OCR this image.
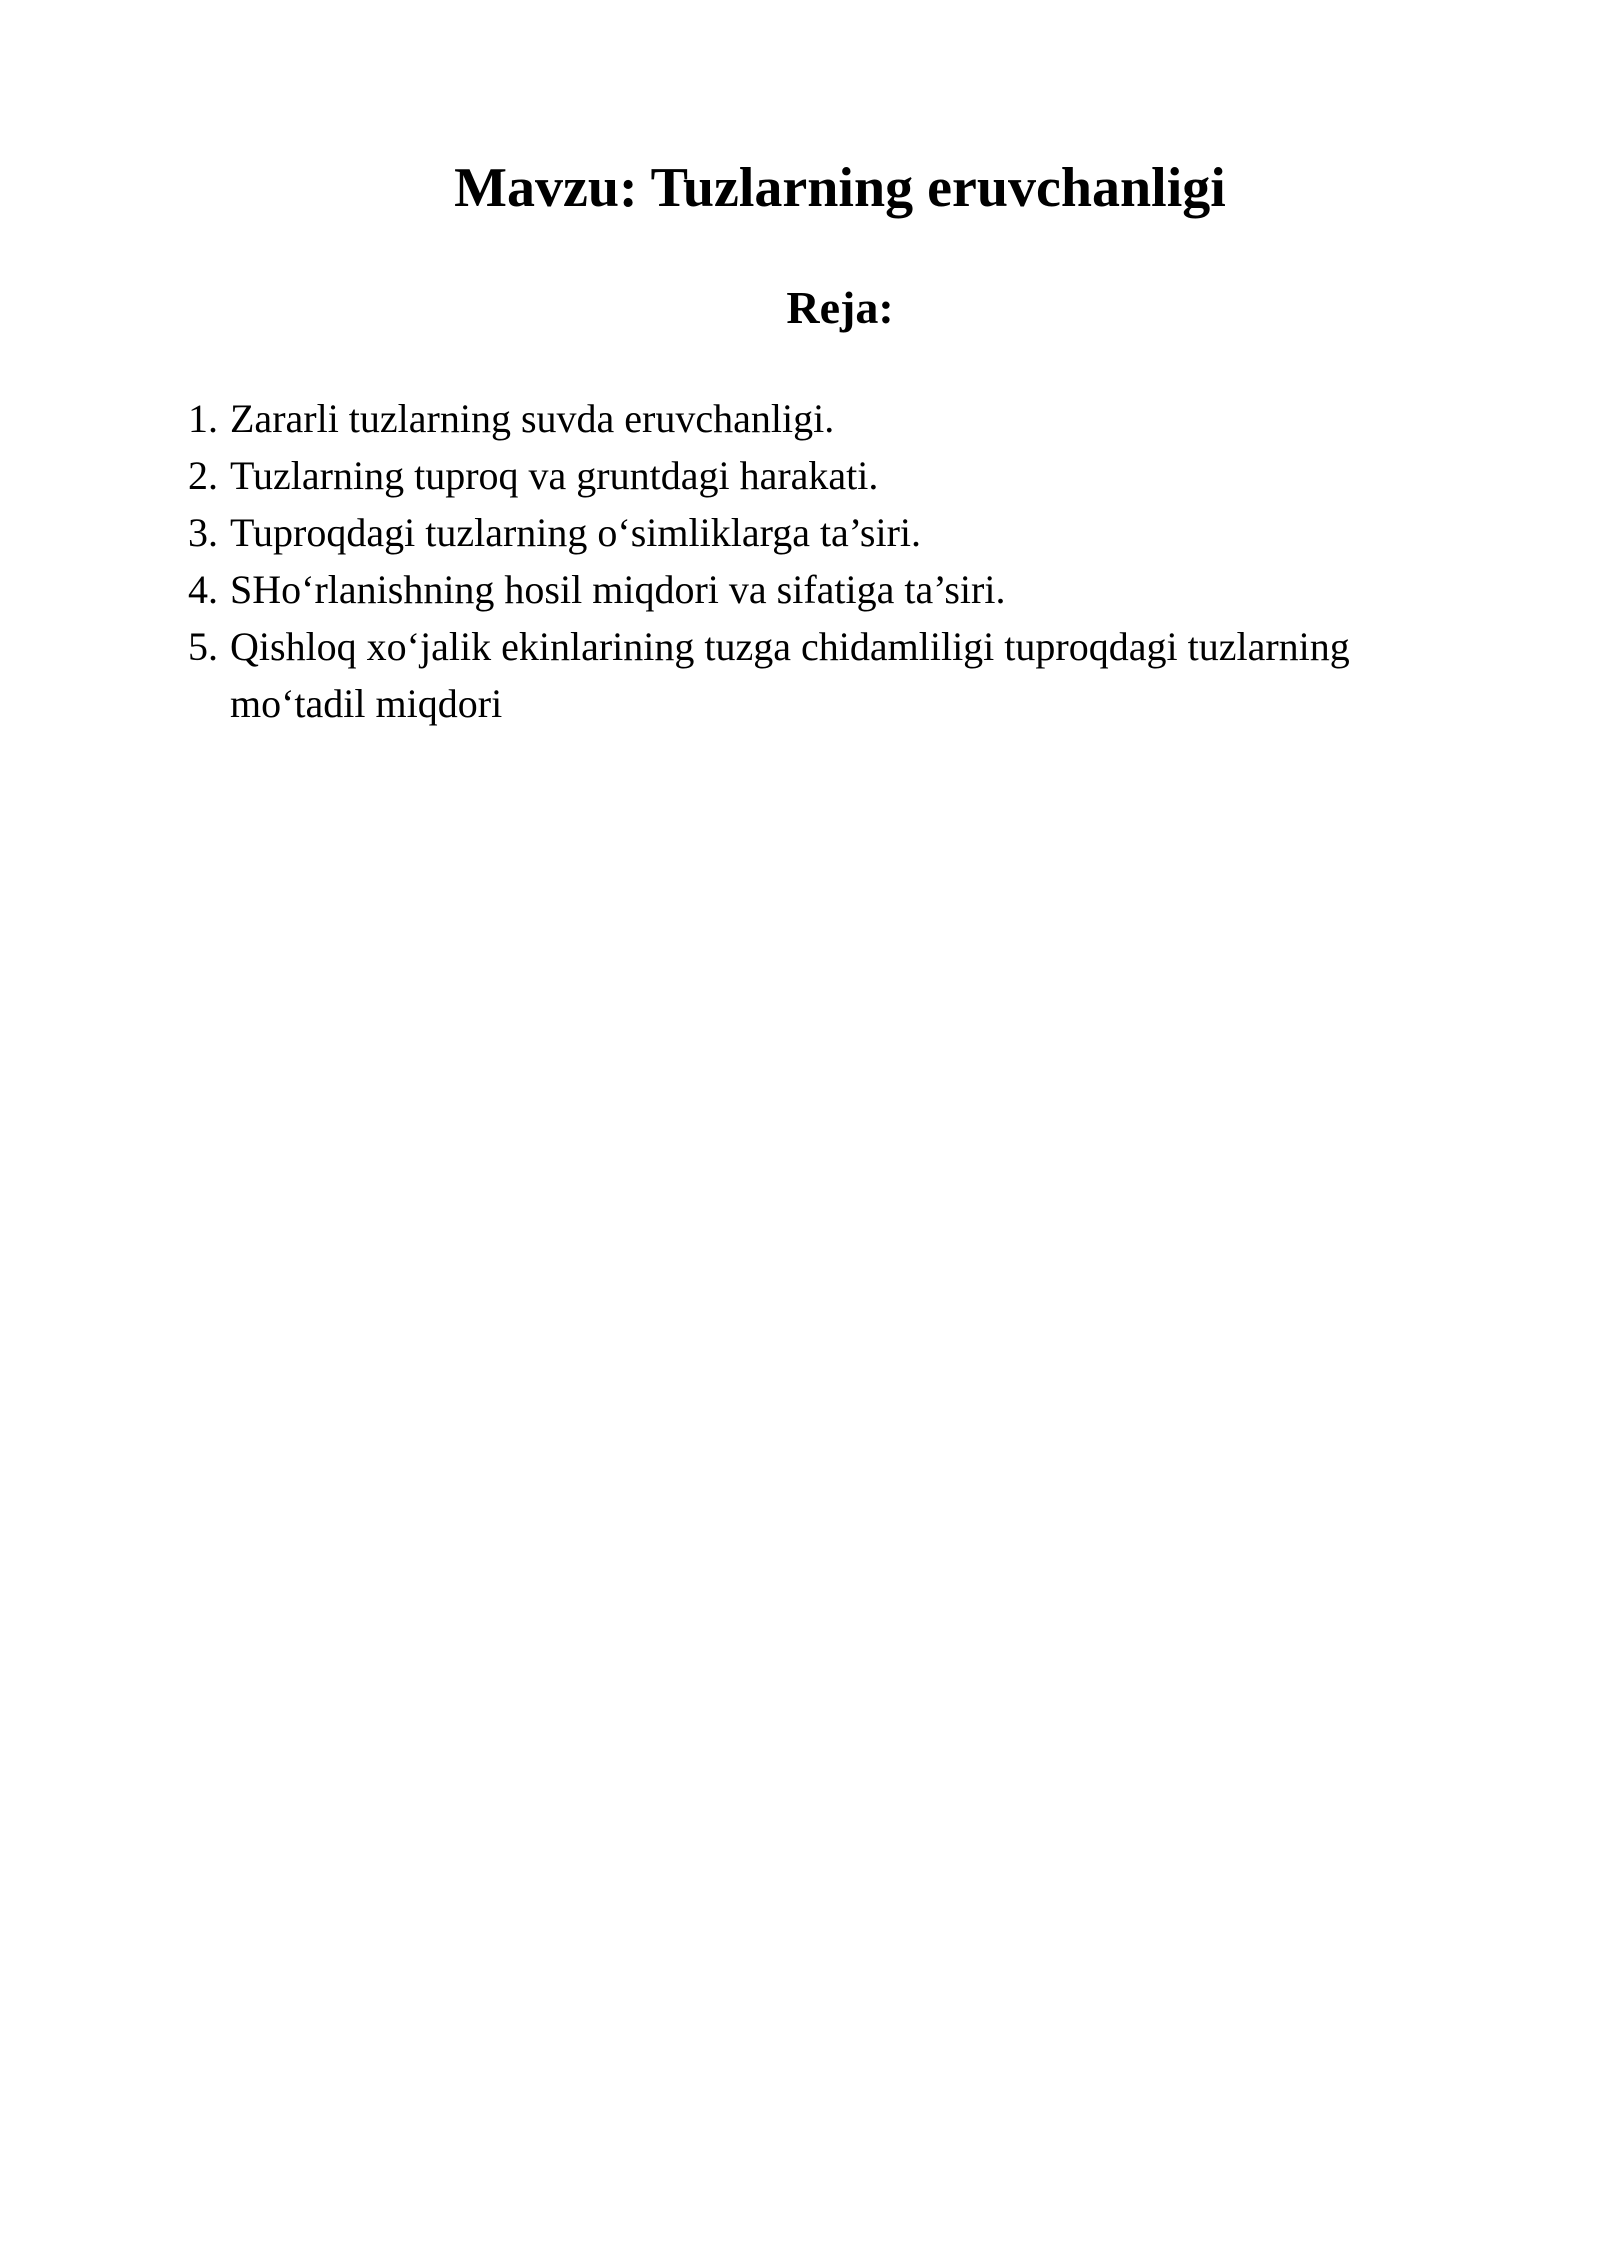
Mavzu: Tuzlarning eruvchanligi
Reja:
1. Zararli tuzlarning suvda eruvchanligi.
2. Tuzlarning tuproq va gruntdagi harakati.
3. Tuproqdagi tuzlarning o‘simliklarga ta’siri.
4. SHo‘rlanishning hosil miqdori va sifatiga ta’siri.
5. Qishloq xo‘jalik ekinlarining tuzga chidamliligi tuproqdagi tuzlarning mo‘tadil miqdori
